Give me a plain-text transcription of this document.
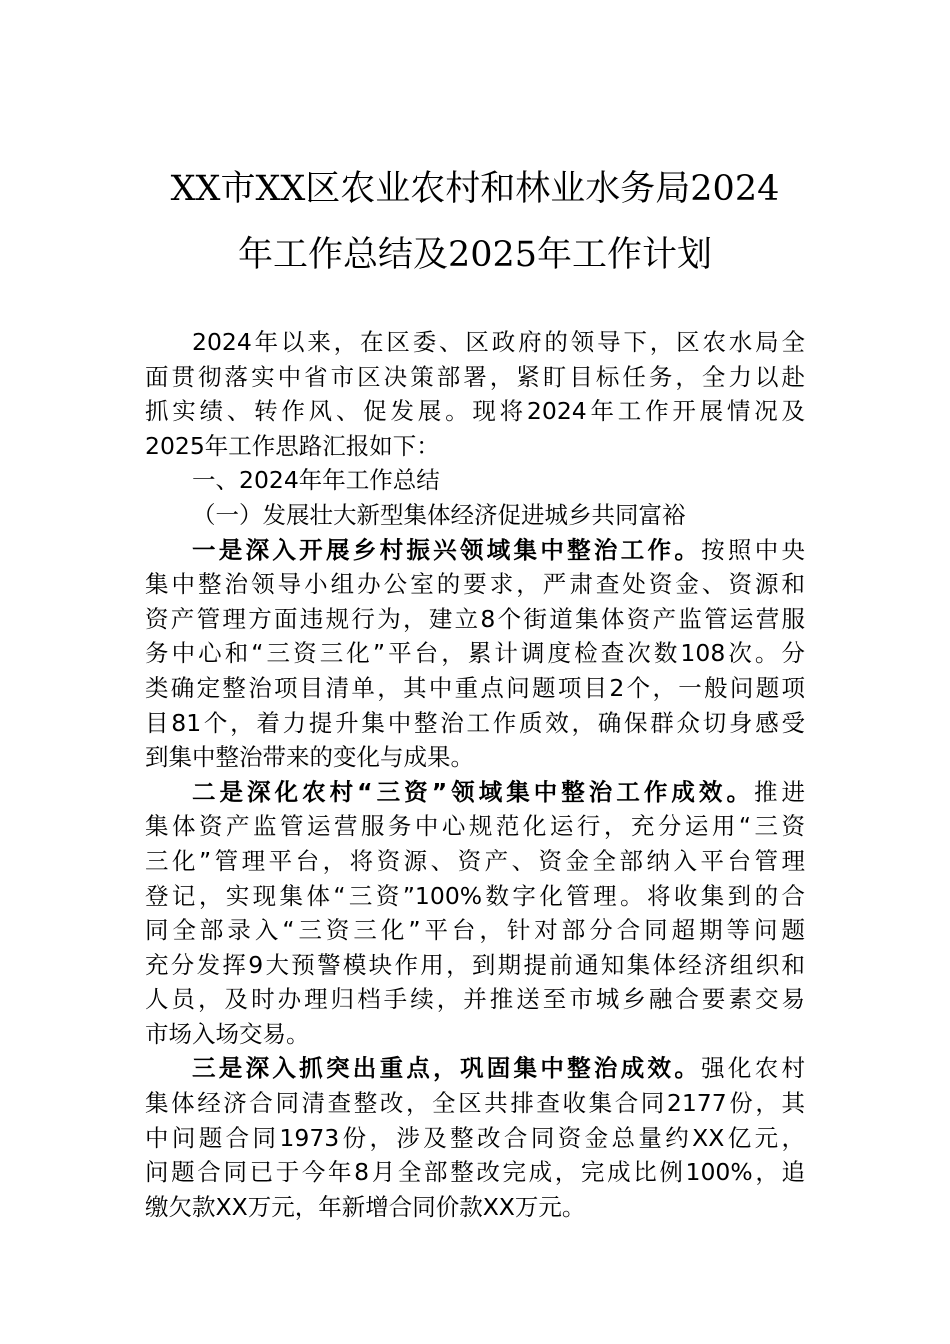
XX市XX区农业农村和林业水务局2024
年工作总结及2025年工作计划
2024年以来，在区委、区政府的领导下，区农水局全
面贯彻落实中省市区决策部署，紧盯目标任务，全力以赴
抓实绩、转作风、促发展。现将2024年工作开展情况及
2025年工作思路汇报如下：
一、2024年年工作总结
（一）发展壮大新型集体经济促进城乡共同富裕
一是深入开展乡村振兴领域集中整治工作。按照中央
集中整治领导小组办公室的要求，严肃查处资金、资源和
资产管理方面违规行为，建立8个街道集体资产监管运营服
务中心和“三资三化”平台，累计调度检查次数108次。分
类确定整治项目清单，其中重点问题项目2个，一般问题项
目81个，着力提升集中整治工作质效，确保群众切身感受
到集中整治带来的变化与成果。
二是深化农村“三资”领域集中整治工作成效。推进
集体资产监管运营服务中心规范化运行，充分运用“三资
三化”管理平台，将资源、资产、资金全部纳入平台管理
登记，实现集体“三资”100%数字化管理。将收集到的合
同全部录入“三资三化”平台，针对部分合同超期等问题
充分发挥9大预警模块作用，到期提前通知集体经济组织和
人员，及时办理归档手续，并推送至市城乡融合要素交易
市场入场交易。
三是深入抓突出重点，巩固集中整治成效。强化农村
集体经济合同清查整改，全区共排查收集合同2177份，其
中问题合同1973份，涉及整改合同资金总量约XX亿元，
问题合同已于今年8月全部整改完成，完成比例100%，追
缴欠款XX万元，年新增合同价款XX万元。
